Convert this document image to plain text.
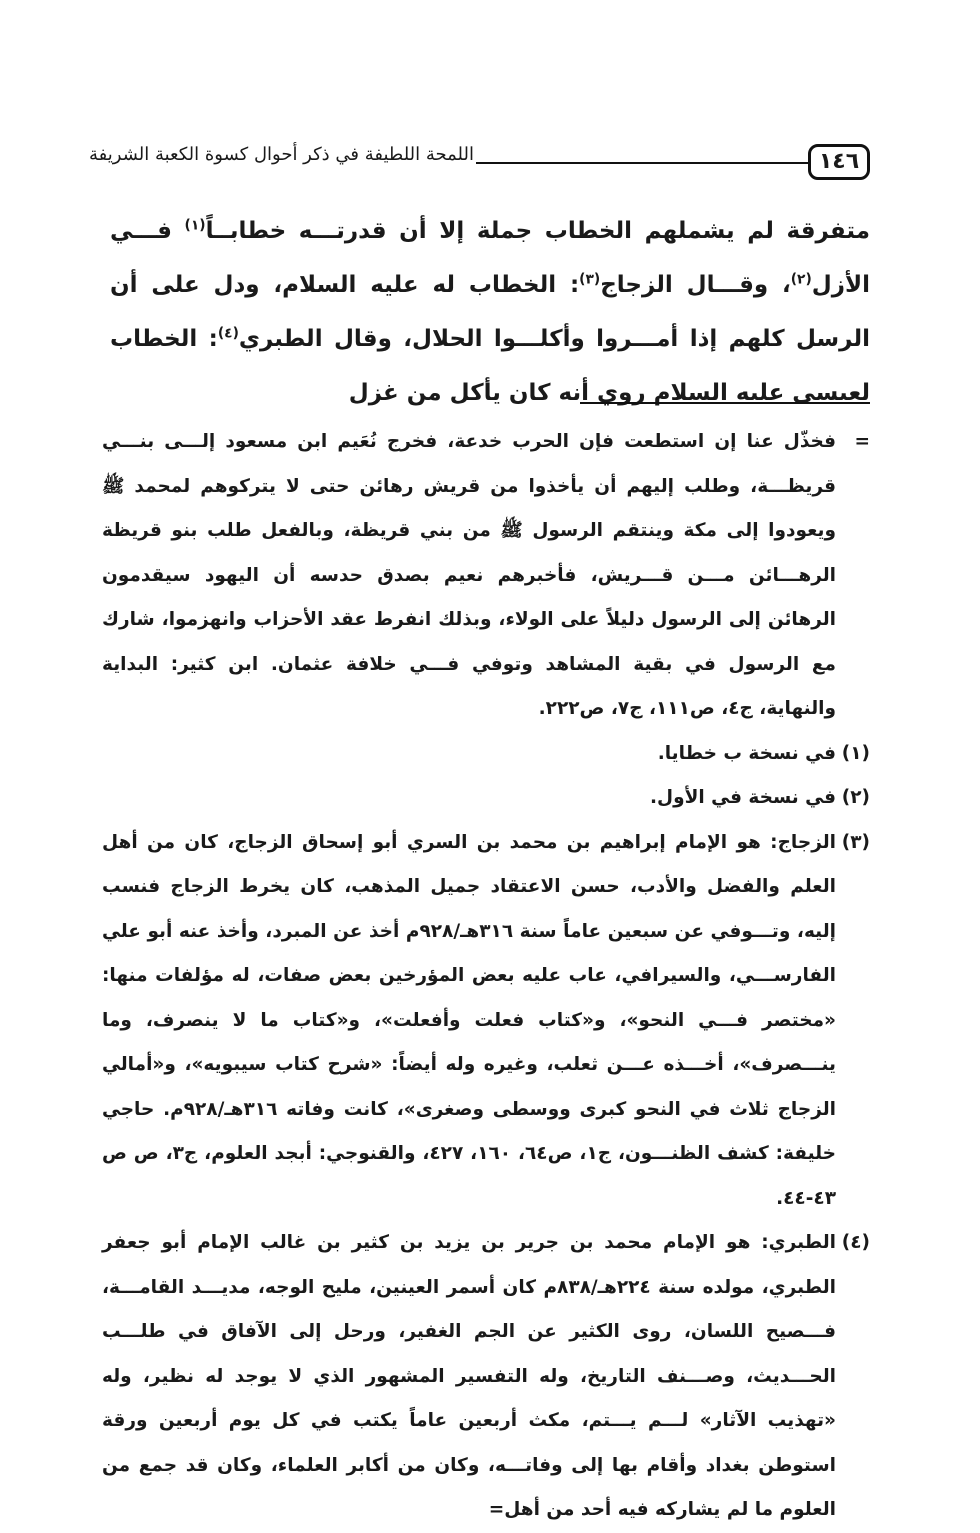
١٤٦
اللمحة اللطيفة في ذكر أحوال كسوة الكعبة الشريفة

متفرقة لم يشملهم الخطاب جملة إلا أن قدرتـــه خطابــاً$^{(١)}$ فـــي الأزل$^{(٢)}$، وقـــال الزجاج$^{(٣)}$: الخطاب له عليه السلام، ودل على أن الرسل كلهم إذا أمـــروا وأكلـــوا الحلال، وقال الطبري$^{(٤)}$: الخطاب لعيسى عليه السلام روي أنه كان يأكل من غزل

=
فخذّل عنا إن استطعت فإن الحرب خدعة، فخرج نُعَيم ابن مسعود إلـــى بنـــي قريظـــة، وطلب إليهم أن يأخذوا من قريش رهائن حتى لا يتركوهم لمحمد ﷺ ويعودوا إلى مكة وينتقم الرسول ﷺ من بني قريظة، وبالفعل طلب بنو قريظة الرهـــائن مـــن قـــريش، فأخبرهم نعيم بصدق حدسه أن اليهود سيقدمون الرهائن إلى الرسول دليلاً على الولاء، وبذلك انفرط عقد الأحزاب وانهزموا، شارك مع الرسول في بقية المشاهد وتوفي فـــي خلافة عثمان. ابن كثير: البداية والنهاية، ج٤، ص١١١، ج٧، ص٢٢٢.
(١)
في نسخة ب خطايا.
(٢)
في نسخة في الأول.
(٣)
الزجاج: هو الإمام إبراهيم بن محمد بن السري أبو إسحاق الزجاج، كان من أهل العلم والفضل والأدب، حسن الاعتقاد جميل المذهب، كان يخرط الزجاج فنسب إليه، وتـــوفي عن سبعين عاماً سنة ٣١٦هـ/٩٢٨م أخذ عن المبرد، وأخذ عنه أبو علي الفارســـي، والسيرافي، عاب عليه بعض المؤرخين بعض صفات، له مؤلفات منها: «مختصر فـــي النحو»، و«كتاب فعلت وأفعلت»، و«كتاب ما لا ينصرف، وما ينـــصرف»، أخـــذه عـــن ثعلب، وغيره وله أيضاً: «شرح كتاب سيبويه»، و«أمالي الزجاج ثلاث في النحو كبرى ووسطى وصغرى»، كانت وفاته ٣١٦هـ/٩٢٨م. حاجي خليفة: كشف الظنـــون، ج١، ص٦٤، ١٦٠، ٤٢٧، والقنوجي: أبجد العلوم، ج٣، ص ص ٤٣-٤٤.
(٤)
الطبري: هو الإمام محمد بن جرير بن يزيد بن كثير بن غالب الإمام أبو جعفر الطبري، مولده سنة ٢٢٤هـ/٨٣٨م كان أسمر العينين، مليح الوجه، مديـــد القامـــة، فـــصيح اللسان، روى الكثير عن الجم الغفير، ورحل إلى الآفاق في طلـــب الحـــديث، وصـــنف التاريخ، وله التفسير المشهور الذي لا يوجد له نظير، وله «تهذيب الآثار» لـــم يـــتم، مكث أربعين عاماً يكتب في كل يوم أربعين ورقة استوطن بغداد وأقام بها إلى وفاتـــه، وكان من أكابر العلماء، وكان قد جمع من العلوم ما لم يشاركه فيه أحد من أهل=
